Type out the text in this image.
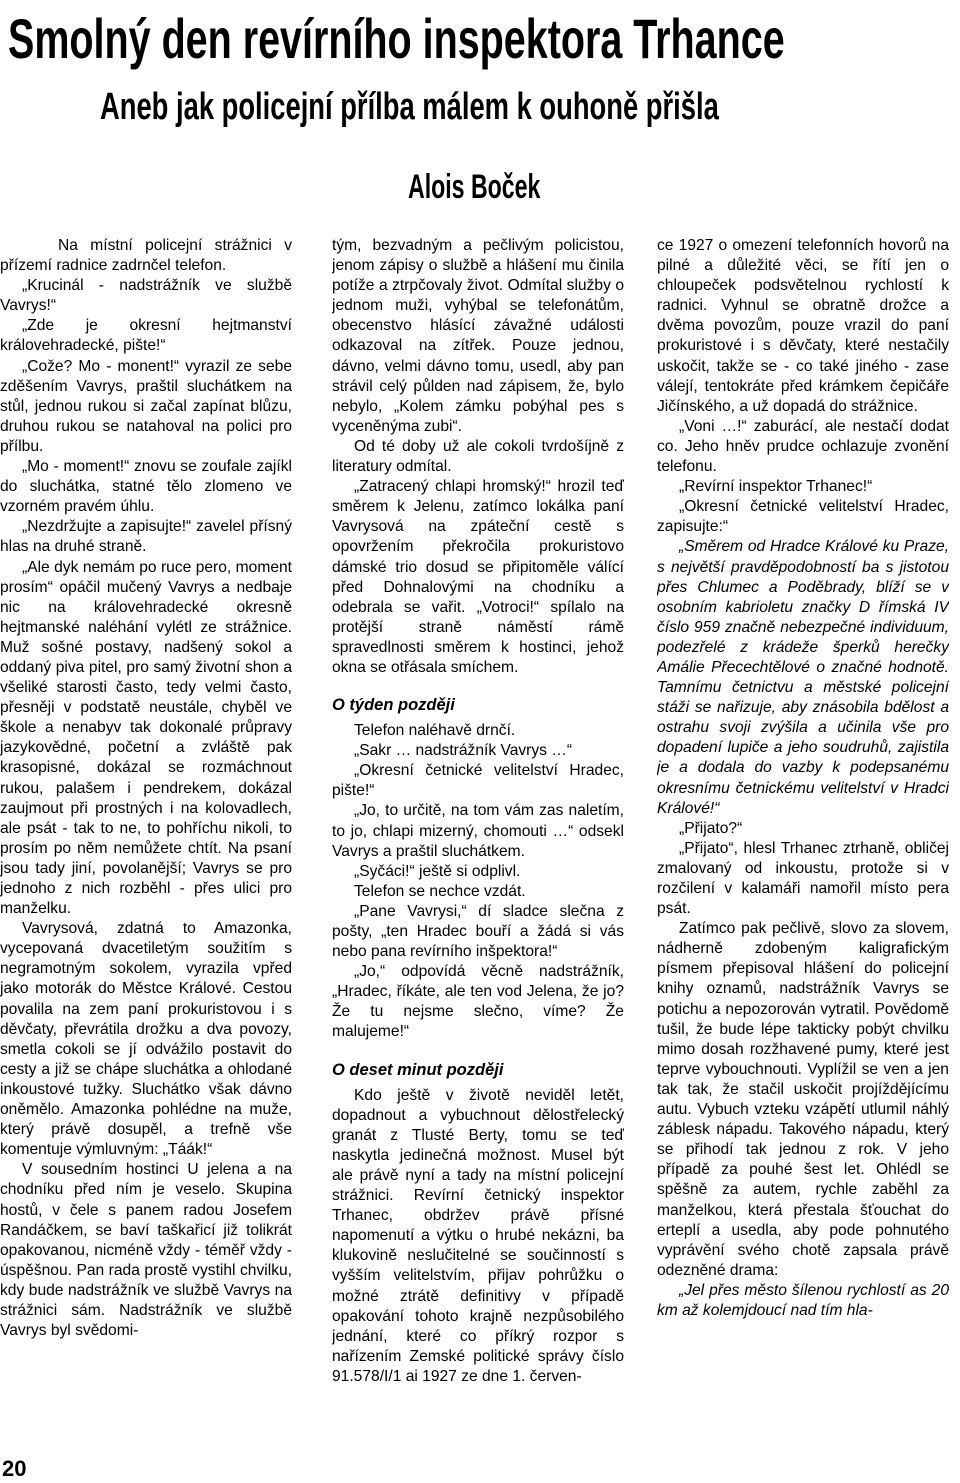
Smolný den revírního inspektora Trhance
Aneb jak policejní přílba málem k ouhoně přišla
Alois Boček

Na místní policejní strážnici v přízemí radnice zadrnčel telefon.

„Krucinál - nadstrážník ve službě Vavrys!“

„Zde je okresní hejtmanství královehradecké, pište!“

„Cože? Mo - monent!“ vyrazil ze sebe zděšením Vavrys, praštil sluchátkem na stůl, jednou rukou si začal zapínat blůzu, druhou rukou se natahoval na polici pro přílbu.

„Mo - moment!“ znovu se zoufale zajíkl do sluchátka, statné tělo zlomeno ve vzorném pravém úhlu.

„Nezdržujte a zapisujte!“ zavelel přísný hlas na druhé straně.

„Ale dyk nemám po ruce pero, moment prosím“ opáčil mučený Vavrys a nedbaje nic na královehradecké okresně hejtmanské naléhání vylétl ze strážnice. Muž sošné postavy, nadšený sokol a oddaný piva pitel, pro samý životní shon a všeliké starosti často, tedy velmi často, přesněji v podstatě neustále, chyběl ve škole a nenabyv tak dokonalé průpravy jazykovědné, početní a zvláště pak krasopisné, dokázal se rozmáchnout rukou, palašem i pendrekem, dokázal zaujmout při prostných i na kolovadlech, ale psát - tak to ne, to pohříchu nikoli, to prosím po něm nemůžete chtít. Na psaní jsou tady jiní, povolanější; Vavrys se pro jednoho z nich rozběhl - přes ulici pro manželku.

Vavrysová, zdatná to Amazonka, vycepovaná dvacetiletým soužitím s negramotným sokolem, vyrazila vpřed jako motorák do Městce Králové. Cestou povalila na zem paní prokuristovou i s děvčaty, převrátila drožku a dva povozy, smetla cokoli se jí odvážilo postavit do cesty a již se chápe sluchátka a ohlodané inkoustové tužky. Sluchátko však dávno oněmělo. Amazonka pohlédne na muže, který právě dosupěl, a trefně vše komentuje výmluvným: „Táák!“

V sousedním hostinci U jelena a na chodníku před ním je veselo. Skupina hostů, v čele s panem radou Josefem Randáčkem, se baví taškařicí již tolikrát opakovanou, nicméně vždy - téměř vždy - úspěšnou. Pan rada prostě vystihl chvilku, kdy bude nadstrážník ve službě Vavrys na strážnici sám. Nadstrážník ve službě Vavrys byl svědomi-

tým, bezvadným a pečlivým policistou, jenom zápisy o službě a hlášení mu činila potíže a ztrpčovaly život. Odmítal služby o jednom muži, vyhýbal se telefonátům, obecenstvo hlásící závažné události odkazoval na zítřek. Pouze jednou, dávno, velmi dávno tomu, usedl, aby pan strávil celý půlden nad zápisem, že, bylo nebylo, „Kolem zámku pobýhal pes s vyceněnýma zubi“.

Od té doby už ale cokoli tvrdošíjně z literatury odmítal.

„Zatracený chlapi hromský!“ hrozil teď směrem k Jelenu, zatímco lokálka paní Vavrysová na zpáteční cestě s opovržením překročila prokuristovo dámské trio dosud se připitoměle válící před Dohnalovými na chodníku a odebrala se vařit. „Votroci!“ spílalo na protější straně náměstí rámě spravedlnosti směrem k hostinci, jehož okna se otřásala smíchem.

O týden později

Telefon naléhavě drnčí.

„Sakr … nadstrážník Vavrys …“

„Okresní četnické velitelství Hradec, pište!“

„Jo, to určitě, na tom vám zas naletím, to jo, chlapi mizerný, chomouti …“ odsekl Vavrys a praštil sluchátkem.

„Syčáci!“ ještě si odplivl.

Telefon se nechce vzdát.

„Pane Vavrysi,“ dí sladce slečna z pošty, „ten Hradec bouří a žádá si vás nebo pana revírního inšpektora!“

„Jo,“ odpovídá věcně nadstrážník, „Hradec, říkáte, ale ten vod Jelena, že jo? Že tu nejsme slečno, víme? Že malujeme!“

O deset minut později

Kdo ještě v životě neviděl letět, dopadnout a vybuchnout dělostřelecký granát z Tlusté Berty, tomu se teď naskytla jedinečná možnost. Musel být ale právě nyní a tady na místní policejní strážnici. Revírní četnický inspektor Trhanec, obdržev právě přísné napomenutí a výtku o hrubé nekázni, ba klukovině neslučitelné se součinností s vyšším velitelstvím, přijav pohrůžku o možné ztrátě definitivy v případě opakování tohoto krajně nezpůsobilého jednání, které co příkrý rozpor s nařízením Zemské politické správy číslo 91.578/I/1 ai 1927 ze dne 1. červen-

ce 1927 o omezení telefonních hovorů na pilné a důležité věci, se řítí jen o chloupeček podsvětelnou rychlostí k radnici. Vyhnul se obratně drožce a dvěma povozům, pouze vrazil do paní prokuristové i s děvčaty, které nestačily uskočit, takže se - co také jiného - zase válejí, tentokráte před krámkem čepičáře Jičínského, a už dopadá do strážnice.

„Voni …!“ zaburácí, ale nestačí dodat co. Jeho hněv prudce ochlazuje zvonění telefonu.

„Revírní inspektor Trhanec!“

„Okresní četnické velitelství Hradec, zapisujte:“

„Směrem od Hradce Králové ku Praze, s největší pravděpodobností ba s jistotou přes Chlumec a Poděbrady, blíží se v osobním kabrioletu značky D římská IV číslo 959 značně nebezpečné individuum, podezřelé z krádeže šperků herečky Amálie Přecechtělové o značné hodnotě. Tamnímu četnictvu a městské policejní stáži se nařizuje, aby znásobila bdělost a ostrahu svoji zvýšila a učinila vše pro dopadení lupiče a jeho soudruhů, zajistila je a dodala do vazby k podepsanému okresnímu četnickému velitelství v Hradci Králové!“

„Přijato?“

„Přijato“, hlesl Trhanec ztrhaně, obličej zmalovaný od inkoustu, protože si v rozčilení v kalamáři namořil místo pera psát.

Zatímco pak pečlivě, slovo za slovem, nádherně zdobeným kaligrafickým písmem přepisoval hlášení do policejní knihy oznamů, nadstrážník Vavrys se potichu a nepozorován vytratil. Povědomě tušil, že bude lépe takticky pobýt chvilku mimo dosah rozžhavené pumy, které jest teprve vybouchnouti. Vyplížil se ven a jen tak tak, že stačil uskočit projíždějícímu autu. Vybuch vzteku vzápětí utlumil náhlý záblesk nápadu. Takového nápadu, který se přihodí tak jednou z rok. V jeho případě za pouhé šest let. Ohlédl se spěšně za autem, rychle zaběhl za manželkou, která přestala šťouchat do erteplí a usedla, aby pode pohnutého vyprávění svého chotě zapsala právě odezněné drama:

„Jel přes město šílenou rychlostí as 20 km až kolemjdoucí nad tím hla-

20
